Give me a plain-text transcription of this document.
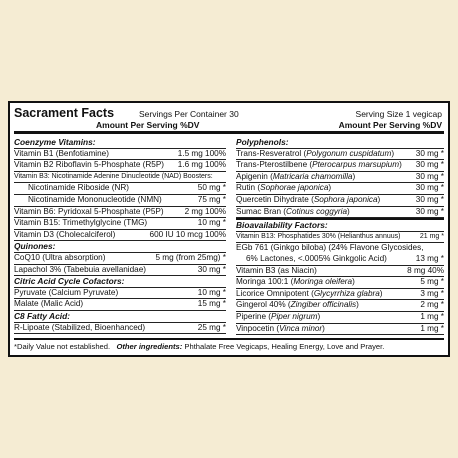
Sacrament Facts	Servings Per Container 30	Serving Size 1 vegicap
Amount Per Serving %DV	Amount Per Serving %DV
Coenzyme Vitamins:
Vitamin B1 (Benfotiamine)	1.5 mg 100%
Vitamin B2 Riboflavin 5-Phosphate (R5P) 1.6 mg 100%
Vitamin B3: Nicotinamide Adenine Dinucleotide (NAD) Boosters:
Nicotinamide Riboside (NR)	50 mg *
Nicotinamide Mononucleotide (NMN)	75 mg *
Vitamin B6: Pyridoxal 5-Phosphate (P5P)	2 mg 100%
Vitamin B15: Trimethylglycine (TMG)	10 mg *
Vitamin D3 (Cholecalciferol)	600 IU 10 mcg 100%
Quinones:
CoQ10 (Ultra absorption)	5 mg (from 25mg) *
Lapachol 3% (Tabebuia avellanidae)	30 mg *
Citric Acid Cycle Cofactors:
Pyruvate (Calcium Pyruvate)	10 mg *
Malate (Malic Acid)	15 mg *
C8 Fatty Acid:
R-Lipoate (Stabilized, Bioenhanced)	25 mg *
Polyphenols:
Trans-Resveratrol (Polygonum cuspidatum)	30 mg *
Trans-Pterostilbene (Pterocarpus marsupium) 30 mg *
Apigenin (Matricaria chamomilla)	30 mg *
Rutin (Sophorae japonica)	30 mg *
Quercetin Dihydrate (Sophora japonica)	30 mg *
Sumac Bran (Cotinus coggyria)	30 mg *
Bioavailability Factors:
Vitamin B13: Phosphatides 30% (Helianthus annuus)	21 mg *
EGb 761 (Ginkgo biloba) (24% Flavone Glycosides,
6% Lactones, <.0005% Ginkgolic Acid)	13 mg *
Vitamin B3 (as Niacin)	8 mg 40%
Moringa 100:1 (Moringa oleifera)	5 mg *
Licorice Omnipotent (Glycyrrhiza glabra)	3 mg *
Gingerol 40% (Zingiber officinalis)	2 mg *
Piperine (Piper nigrum)	1 mg *
Vinpocetin (Vinca minor)	1 mg *
*Daily Value not established. Other ingredients: Phthalate Free Vegicaps, Healing Energy, Love and Prayer.
